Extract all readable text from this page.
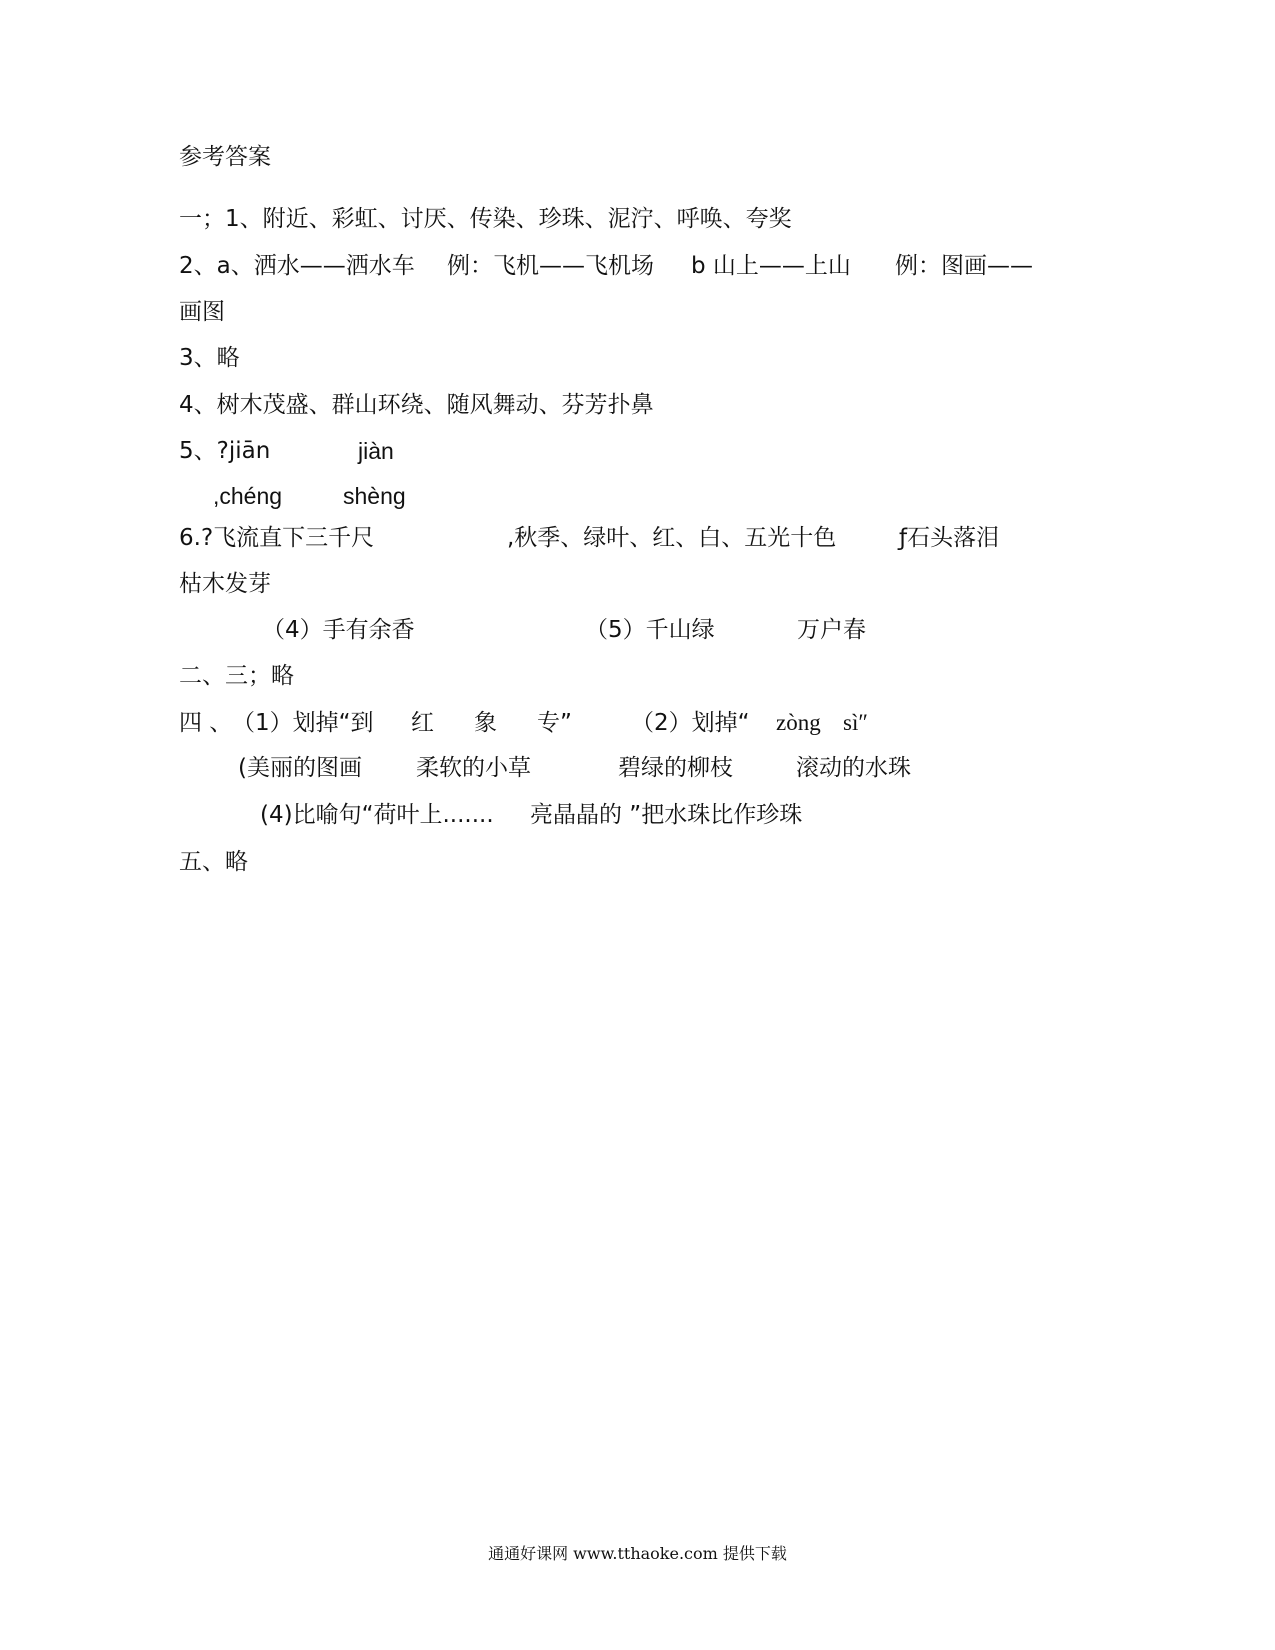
参考答案
一；1、附近、彩虹、讨厌、传染、珍珠、泥泞、呼唤、夸奖

2、a、洒水——洒水车

例：飞机——飞机场

b 山上——上山

例：图画——

画图
3、略
4、树木茂盛、群山环绕、随风舞动、芬芳扑鼻

5、?jiān

	jiàn

,chéng

	shèng

6.?飞流直下三千尺

	,秋季、绿叶、红、白、五光十色

	ƒ石头落泪

枯木发芽

（4）手有余香

	（5）千山绿

	万户春

二、三；略

四 、

（1）划掉“到

红

象

专”

	（2）划掉“

zòng

sì″

(美丽的图画

柔软的小草

	碧绿的柳枝

	滚动的水珠

(4)比喻句“荷叶上.......

亮晶晶的 ”把水珠比作珍珠

五、略
通通好课网 www.tthaoke.com 提供下载
